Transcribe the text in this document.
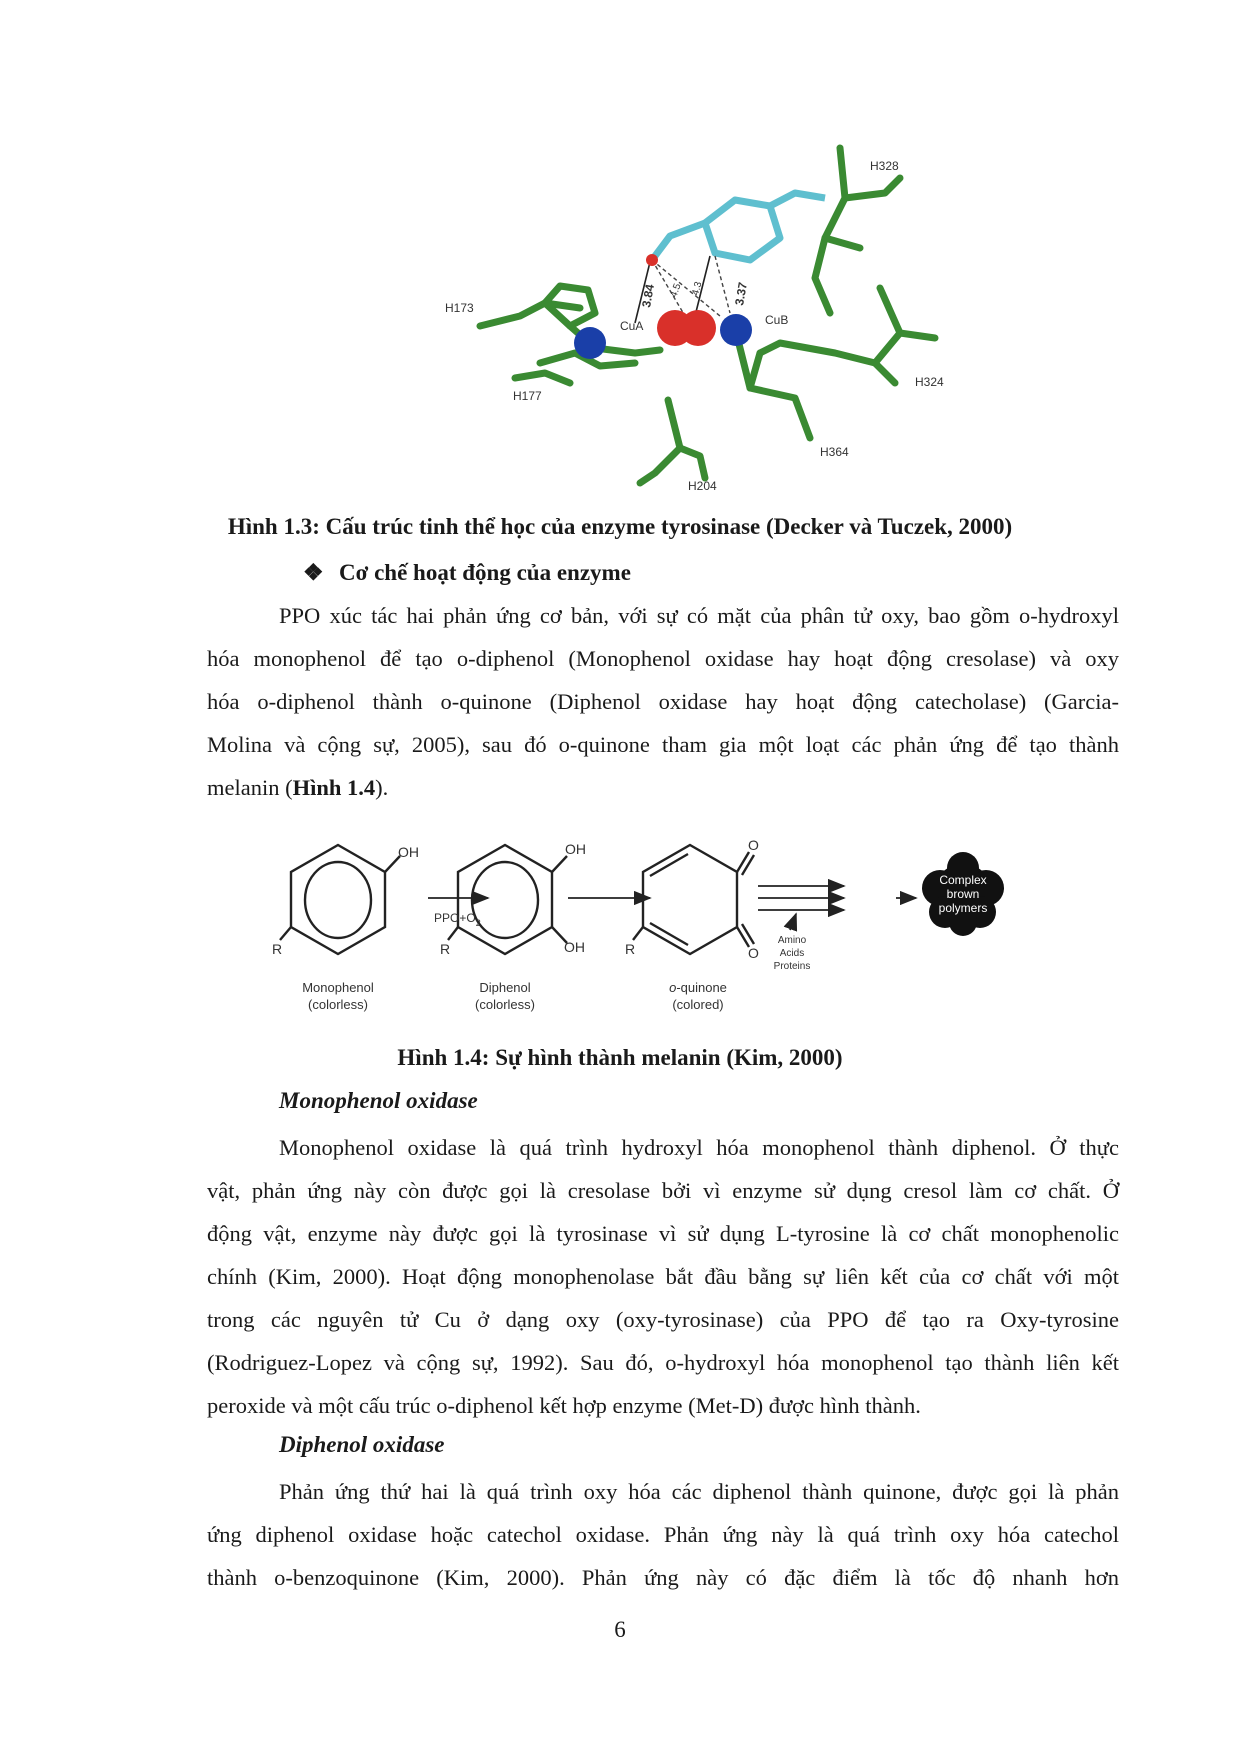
H328
H173
CuA	CuB
H177
H324
H364
H204
3.84 4.5 4.3 3.37
Hình 1.3: Cấu trúc tinh thể học của enzyme tyrosinase (Decker và Tuczek, 2000)
❖ Cơ chế hoạt động của enzyme
PPO xúc tác hai phản ứng cơ bản, với sự có mặt của phân tử oxy, bao gồm o-hydroxyl
hóa monophenol để tạo o-diphenol (Monophenol oxidase hay hoạt động cresolase) và oxy
hóa o-diphenol thành o-quinone (Diphenol oxidase hay hoạt động catecholase) (Garcia-
Molina và cộng sự, 2005), sau đó o-quinone tham gia một loạt các phản ứng để tạo thành
melanin (Hình 1.4).
OH
R
OH
OH
R
O
O
R
$PPO+O_2$
Amino
Acids
Proteins
Complex
brown
polymers
Monophenol
(colorless)
Diphenol
(colorless)
o-quinone
(colored)
Hình 1.4: Sự hình thành melanin (Kim, 2000)
Monophenol oxidase
Monophenol oxidase là quá trình hydroxyl hóa monophenol thành diphenol. Ở thực
vật, phản ứng này còn được gọi là cresolase bởi vì enzyme sử dụng cresol làm cơ chất. Ở
động vật, enzyme này được gọi là tyrosinase vì sử dụng L-tyrosine là cơ chất monophenolic
chính (Kim, 2000). Hoạt động monophenolase bắt đầu bằng sự liên kết của cơ chất với một
trong các nguyên tử Cu ở dạng oxy (oxy-tyrosinase) của PPO để tạo ra Oxy-tyrosine
(Rodriguez-Lopez và cộng sự, 1992). Sau đó, o-hydroxyl hóa monophenol tạo thành liên kết
peroxide và một cấu trúc o-diphenol kết hợp enzyme (Met-D) được hình thành.
Diphenol oxidase
Phản ứng thứ hai là quá trình oxy hóa các diphenol thành quinone, được gọi là phản
ứng diphenol oxidase hoặc catechol oxidase. Phản ứng này là quá trình oxy hóa catechol
thành o-benzoquinone (Kim, 2000). Phản ứng này có đặc điểm là tốc độ nhanh hơn
6
